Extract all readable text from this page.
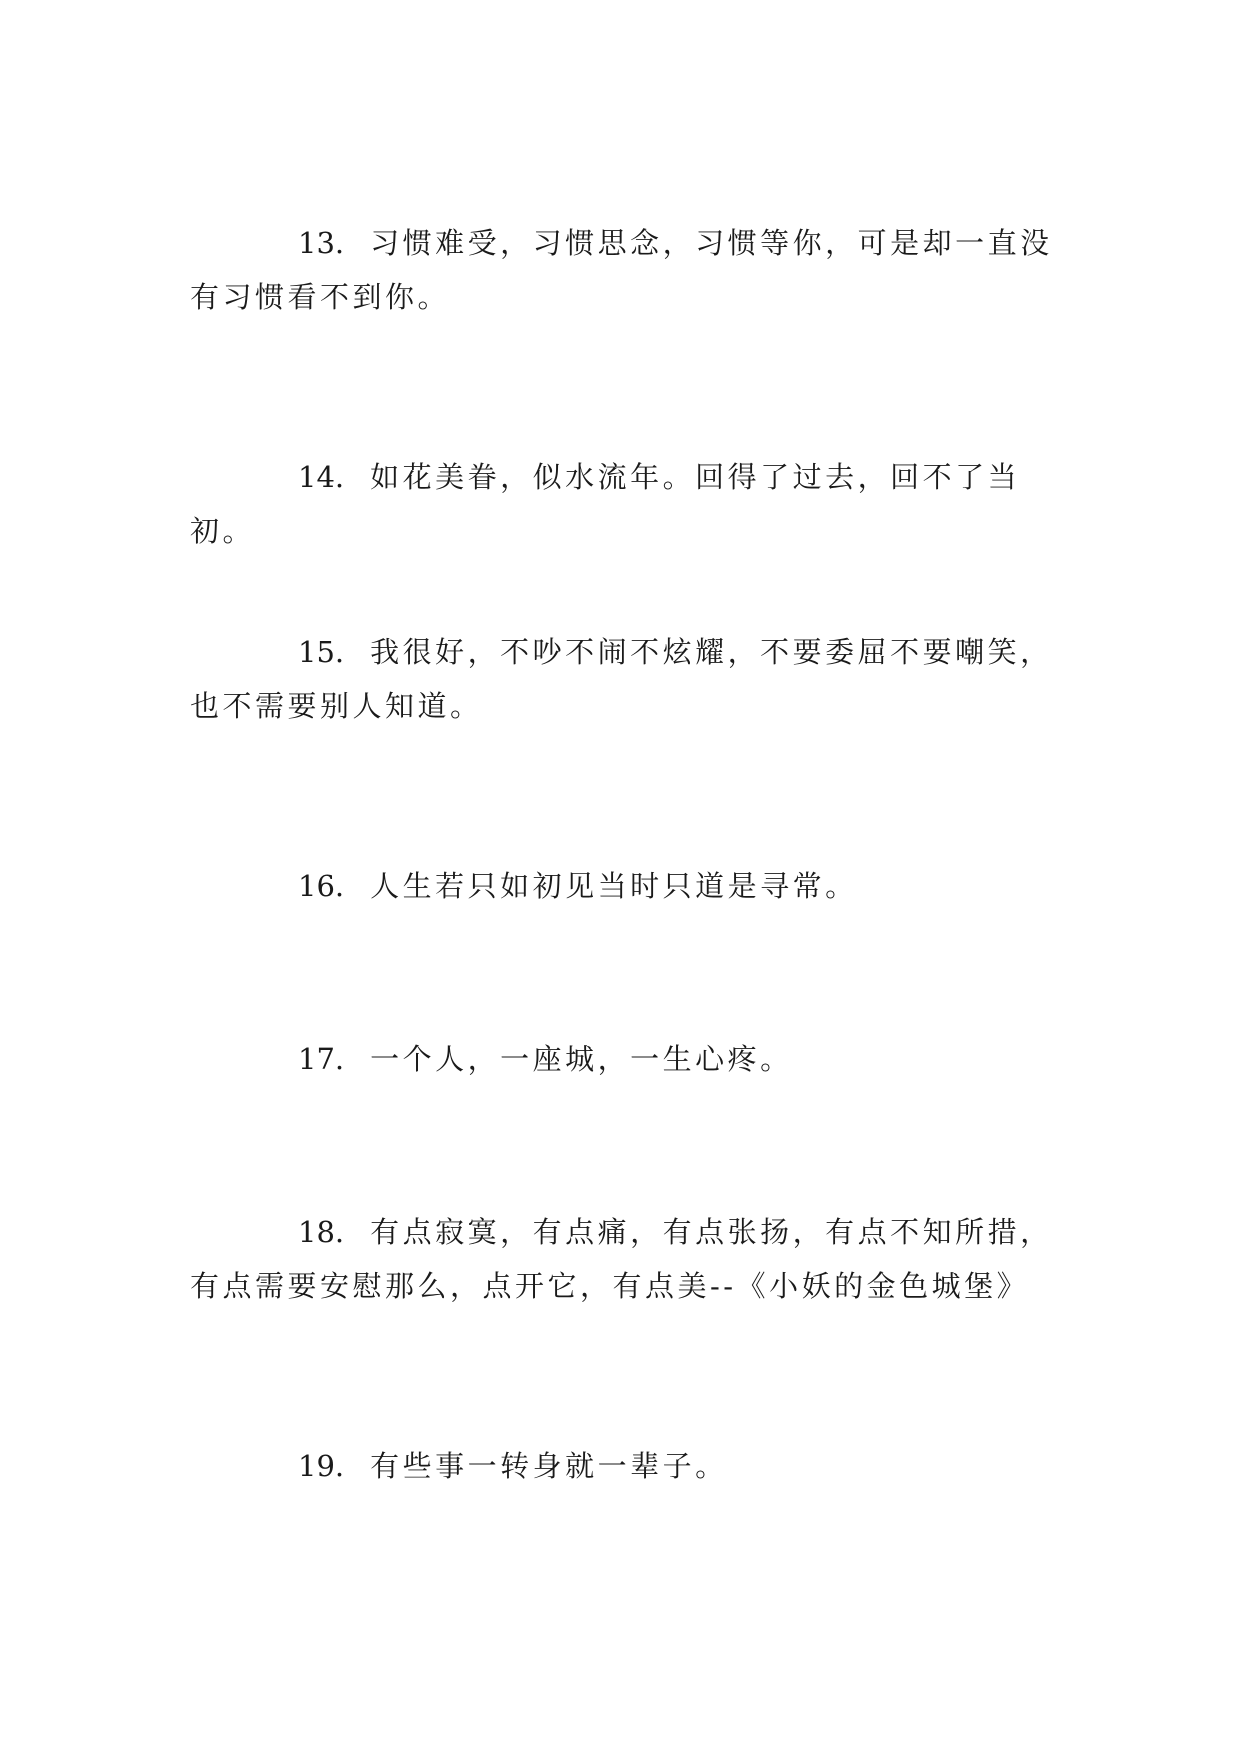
13. 习惯难受，习惯思念，习惯等你，可是却一直没有习惯看不到你。

14. 如花美眷，似水流年。回得了过去，回不了当初。

15. 我很好，不吵不闹不炫耀，不要委屈不要嘲笑，也不需要别人知道。

16. 人生若只如初见当时只道是寻常。

17. 一个人，一座城，一生心疼。

18. 有点寂寞，有点痛，有点张扬，有点不知所措，有点需要安慰那么，点开它，有点美--《小妖的金色城堡》

19. 有些事一转身就一辈子。
